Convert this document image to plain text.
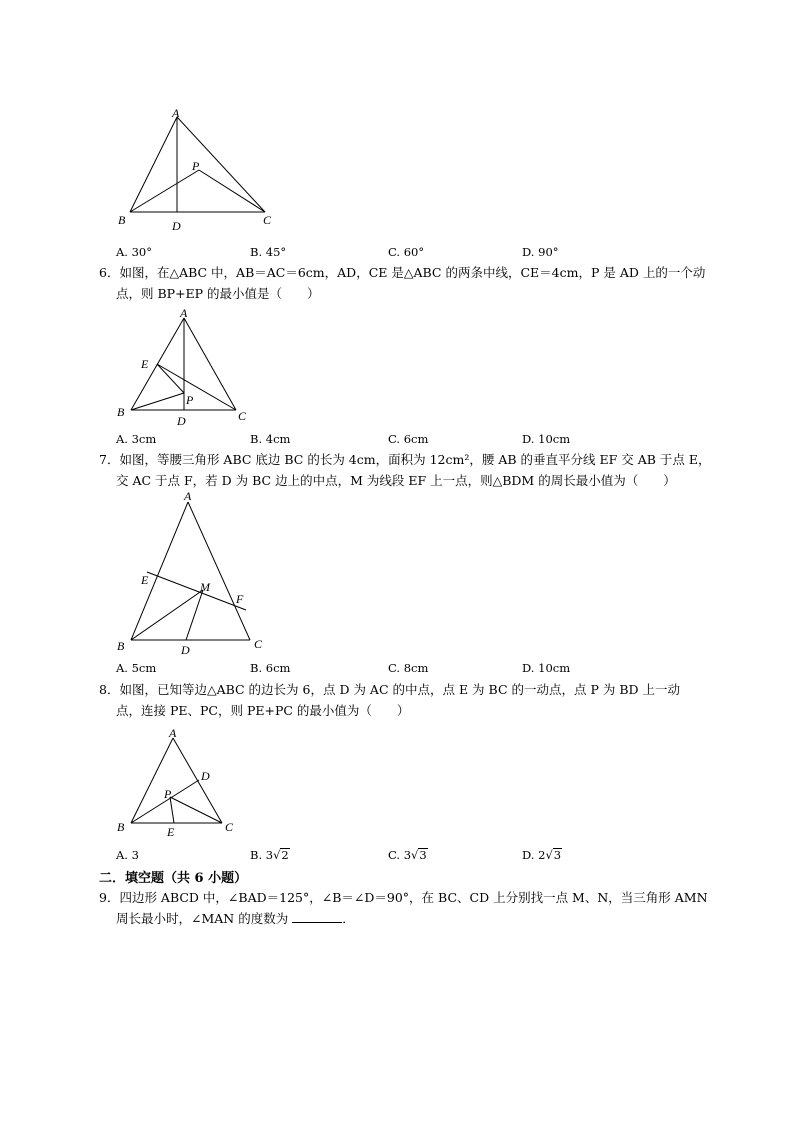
A
B	C
D
P
A. 30°	B. 45°	C. 60°	D. 90°
6．如图，在△ABC 中，AB＝AC＝6cm，AD，CE 是△ABC 的两条中线，CE＝4cm，P 是 AD 上的一个动
点，则 BP+EP 的最小值是（　　）
A
E
B	C
D
P
A. 3cm	B. 4cm	C. 6cm	D. 10cm
7．如图，等腰三角形 ABC 底边 BC 的长为 4cm，面积为 12cm²，腰 AB 的垂直平分线 EF 交 AB 于点 E，
交 AC 于点 F，若 D 为 BC 边上的中点，M 为线段 EF 上一点，则△BDM 的周长最小值为（　　）
A
E	M
F
B	D	C
A. 5cm	B. 6cm	C. 8cm	D. 10cm
8．如图，已知等边△ABC 的边长为 6，点 D 为 AC 的中点，点 E 为 BC 的一动点，点 P 为 BD 上一动
点，连接 PE、PC，则 PE+PC 的最小值为（　　）
A
D
P
B	E	C
A. 3	B. 3√2	C. 3√3	D. 2√3
二．填空题（共 6 小题）
9．四边形 ABCD 中，∠BAD＝125°，∠B＝∠D＝90°，在 BC、CD 上分别找一点 M、N，当三角形 AMN
周长最小时，∠MAN 的度数为	．
